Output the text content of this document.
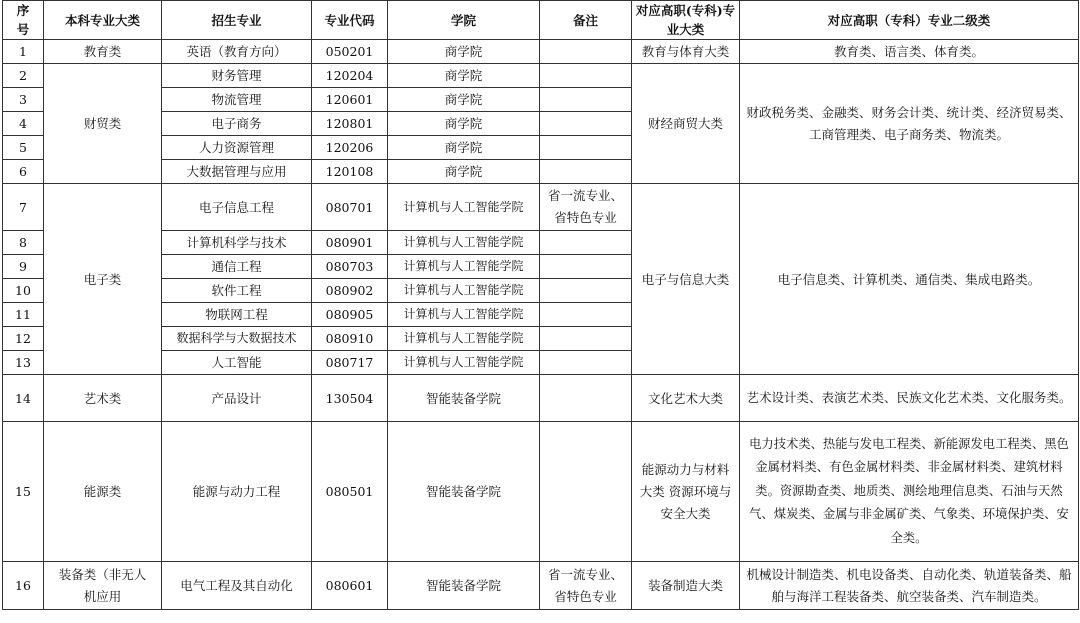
序号	本科专业大类	招生专业	专业代码	学院	备注	对应高职(专科)专业大类	对应高职（专科）专业二级类
1	教育类	英语（教育方向）	050201	商学院		教育与体育大类	教育类、语言类、体育类。
2	财贸类	财务管理	120204	商学院		财经商贸大类	财政税务类、金融类、财务会计类、统计类、经济贸易类、工商管理类、电子商务类、物流类。
3		物流管理	120601	商学院			
4		电子商务	120801	商学院			
5		人力资源管理	120206	商学院			
6		大数据管理与应用	120108	商学院			
7	电子类	电子信息工程	080701	计算机与人工智能学院	省一流专业、省特色专业	电子与信息大类	电子信息类、计算机类、通信类、集成电路类。
8		计算机科学与技术	080901	计算机与人工智能学院			
9		通信工程	080703	计算机与人工智能学院			
10		软件工程	080902	计算机与人工智能学院			
11		物联网工程	080905	计算机与人工智能学院			
12		数据科学与大数据技术	080910	计算机与人工智能学院			
13		人工智能	080717	计算机与人工智能学院			
14	艺术类	产品设计	130504	智能装备学院		文化艺术大类	艺术设计类、表演艺术类、民族文化艺术类、文化服务类。
15	能源类	能源与动力工程	080501	智能装备学院		能源动力与材料大类 资源环境与安全大类	电力技术类、热能与发电工程类、新能源发电工程类、黑色金属材料类、有色金属材料类、非金属材料类、建筑材料类。资源勘查类、地质类、测绘地理信息类、石油与天然气、煤炭类、金属与非金属矿类、气象类、环境保护类、安全类。
16	装备类（非无人机应用	电气工程及其自动化	080601	智能装备学院	省一流专业、省特色专业	装备制造大类	机械设计制造类、机电设备类、自动化类、轨道装备类、船舶与海洋工程装备类、航空装备类、汽车制造类。
